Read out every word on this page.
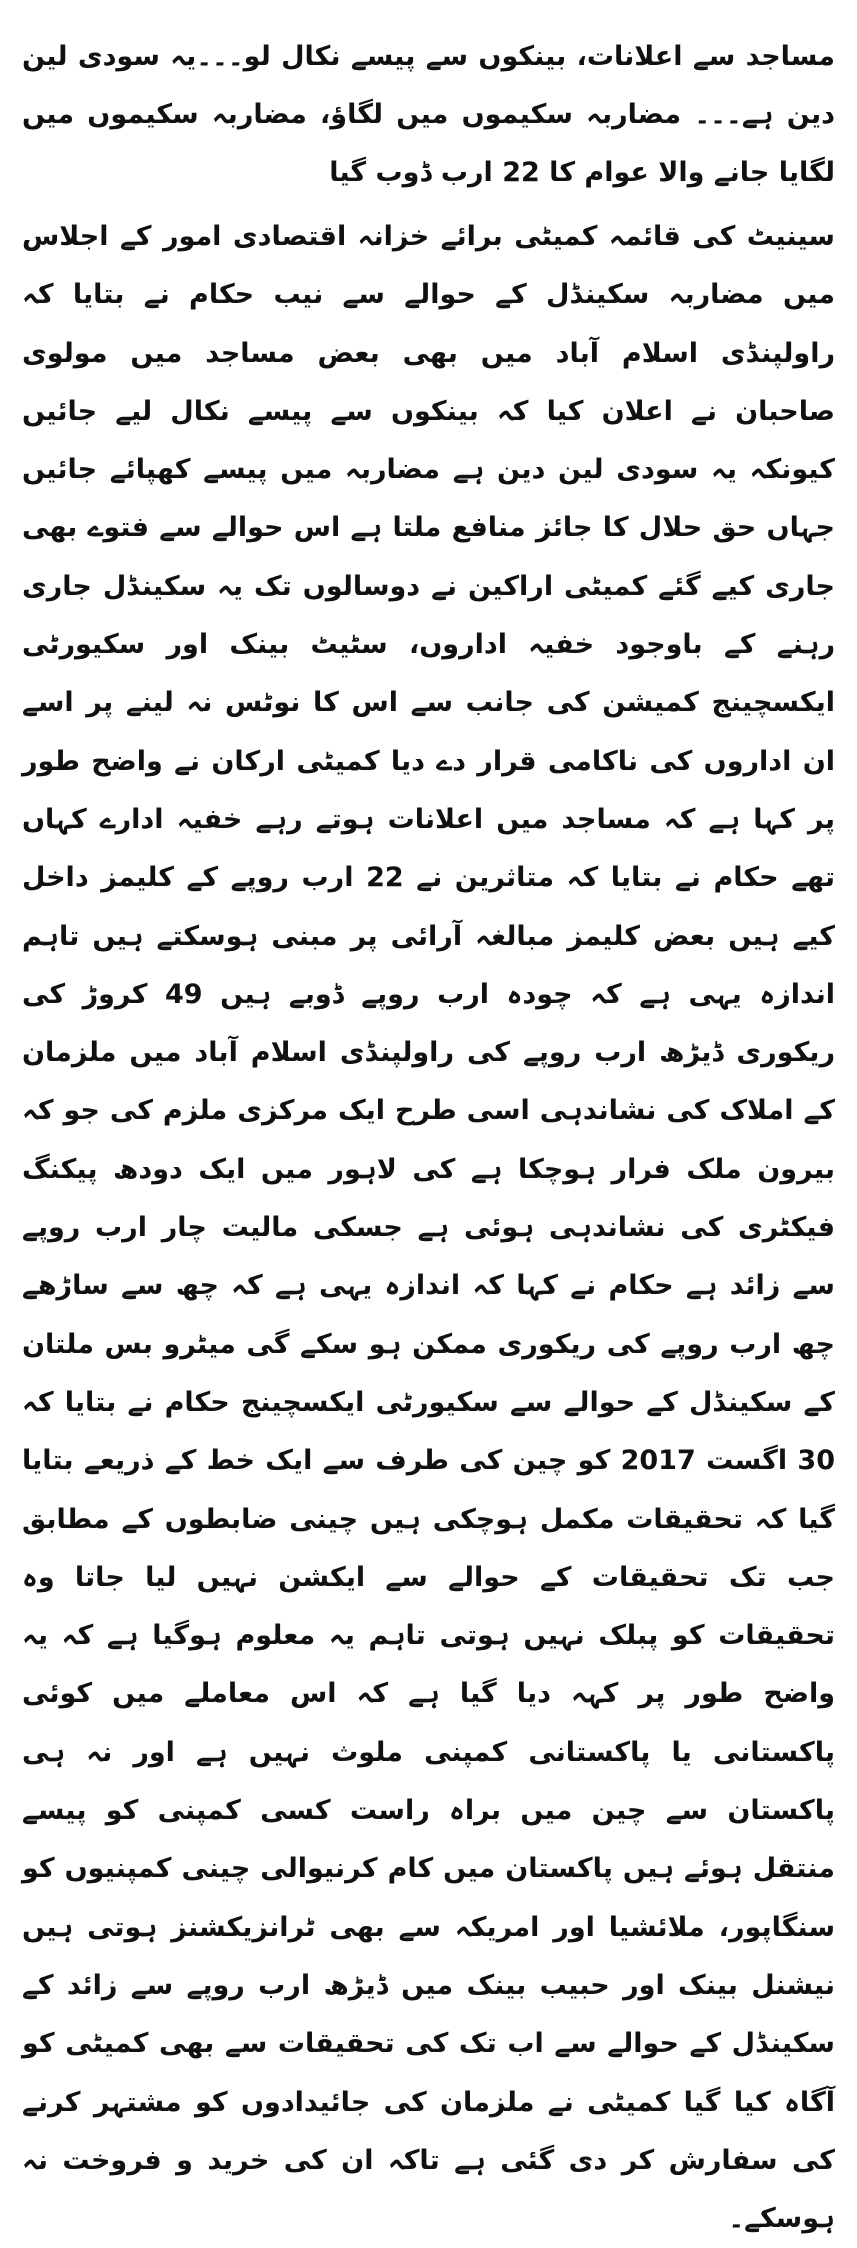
مساجد سے اعلانات، بینکوں سے پیسے نکال لو۔۔۔یہ سودی لین دین ہے۔۔۔ مضاربہ سکیموں میں لگاؤ، مضاربہ سکیموں میں لگایا جانے والا عوام کا 22 ارب ڈوب گیا

سینیٹ کی قائمہ کمیٹی برائے خزانہ اقتصادی امور کے اجلاس میں مضاربہ سکینڈل کے حوالے سے نیب حکام نے بتایا کہ راولپنڈی اسلام آباد میں بھی بعض مساجد میں مولوی صاحبان نے اعلان کیا کہ بینکوں سے پیسے نکال لیے جائیں کیونکہ یہ سودی لین دین ہے مضاربہ میں پیسے کھپائے جائیں جہاں حق حلال کا جائز منافع ملتا ہے اس حوالے سے فتوے بھی جاری کیے گئے کمیٹی اراکین نے دوسالوں تک یہ سکینڈل جاری رہنے کے باوجود خفیہ اداروں، سٹیٹ بینک اور سکیورٹی ایکسچینج کمیشن کی جانب سے اس کا نوٹس نہ لینے پر اسے ان اداروں کی ناکامی قرار دے دیا کمیٹی ارکان نے واضح طور پر کہا ہے کہ مساجد میں اعلانات ہوتے رہے خفیہ ادارے کہاں تھے حکام نے بتایا کہ متاثرین نے 22 ارب روپے کے کلیمز داخل کیے ہیں بعض کلیمز مبالغہ آرائی پر مبنی ہوسکتے ہیں تاہم اندازہ یہی ہے کہ چودہ ارب روپے ڈوبے ہیں 49 کروڑ کی ریکوری ڈیڑھ ارب روپے کی راولپنڈی اسلام آباد میں ملزمان کے املاک کی نشاندہی اسی طرح ایک مرکزی ملزم کی جو کہ بیرون ملک فرار ہوچکا ہے کی لاہور میں ایک دودھ پیکنگ فیکٹری کی نشاندہی ہوئی ہے جسکی مالیت چار ارب روپے سے زائد ہے حکام نے کہا کہ اندازہ یہی ہے کہ چھ سے ساڑھے چھ ارب روپے کی ریکوری ممکن ہو سکے گی میٹرو بس ملتان کے سکینڈل کے حوالے سے سکیورٹی ایکسچینج حکام نے بتایا کہ 30 اگست 2017 کو چین کی طرف سے ایک خط کے ذریعے بتایا گیا کہ تحقیقات مکمل ہوچکی ہیں چینی ضابطوں کے مطابق جب تک تحقیقات کے حوالے سے ایکشن نہیں لیا جاتا وہ تحقیقات کو پبلک نہیں ہوتی تاہم یہ معلوم ہوگیا ہے کہ یہ واضح طور پر کہہ دیا گیا ہے کہ اس معاملے میں کوئی پاکستانی یا پاکستانی کمپنی ملوث نہیں ہے اور نہ ہی پاکستان سے چین میں براہ راست کسی کمپنی کو پیسے منتقل ہوئے ہیں پاکستان میں کام کرنیوالی چینی کمپنیوں کو سنگاپور، ملائشیا اور امریکہ سے بھی ٹرانزیکشنز ہوتی ہیں نیشنل بینک اور حبیب بینک میں ڈیڑھ ارب روپے سے زائد کے سکینڈل کے حوالے سے اب تک کی تحقیقات سے بھی کمیٹی کو آگاہ کیا گیا کمیٹی نے ملزمان کی جائیدادوں کو مشتہر کرنے کی سفارش کر دی گئی ہے تاکہ ان کی خرید و فروخت نہ ہوسکے۔
